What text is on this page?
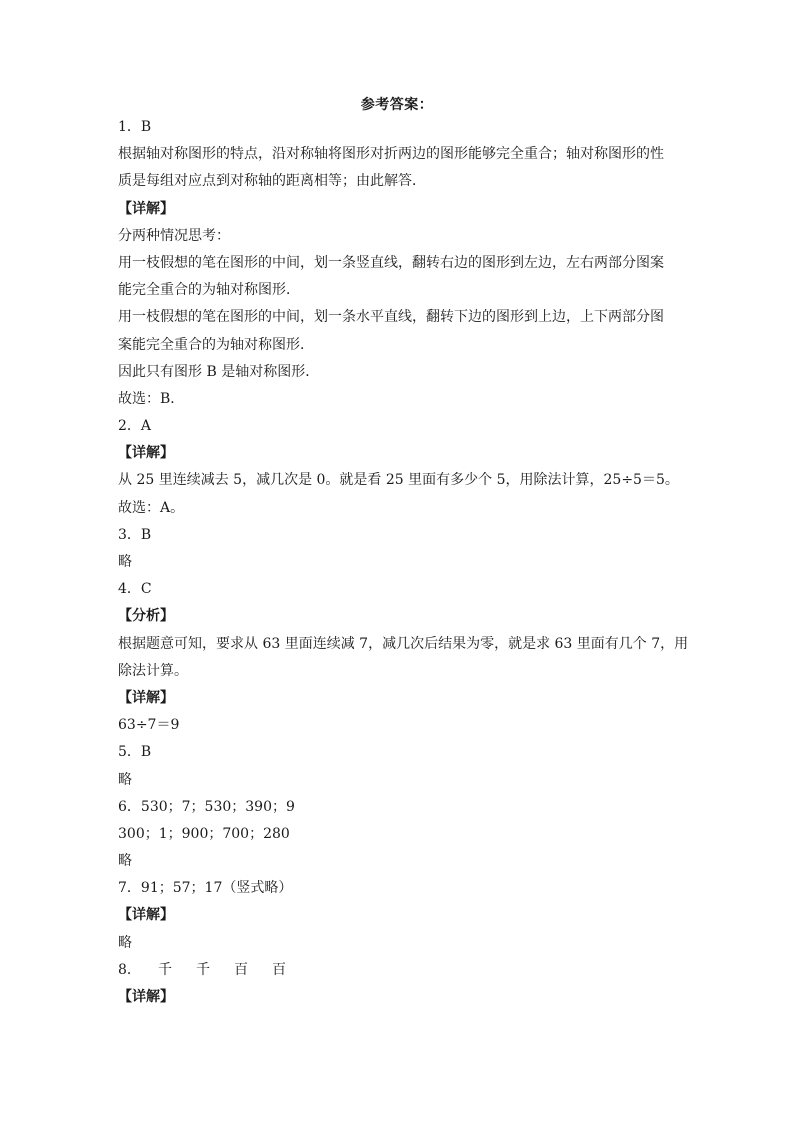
参考答案：
1．B
根据轴对称图形的特点，沿对称轴将图形对折两边的图形能够完全重合；轴对称图形的性
质是每组对应点到对称轴的距离相等；由此解答．
【详解】
分两种情况思考：
用一枝假想的笔在图形的中间，划一条竖直线，翻转右边的图形到左边，左右两部分图案
能完全重合的为轴对称图形．
用一枝假想的笔在图形的中间，划一条水平直线，翻转下边的图形到上边，上下两部分图
案能完全重合的为轴对称图形．
因此只有图形 B 是轴对称图形．
故选：B．
2．A
【详解】
从 25 里连续减去 5，减几次是 0。就是看 25 里面有多少个 5，用除法计算，25÷5＝5。
故选：A。
3．B
略
4．C
【分析】
根据题意可知，要求从 63 里面连续减 7，减几次后结果为零，就是求 63 里面有几个 7，用
除法计算。
【详解】
63÷7＝9
5．B
略
6．530；7；530；390；9
300；1；900；700；280
略
7．91；57；17（竖式略）
【详解】
略
8． 千 千 百 百
【详解】
